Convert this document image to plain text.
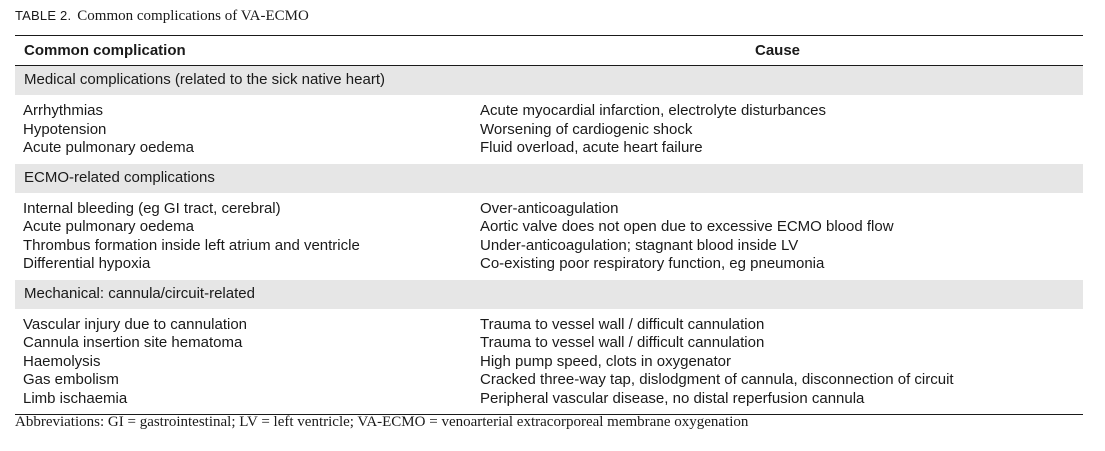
TABLE 2. Common complications of VA-ECMO
Common complication	Cause
Medical complications (related to the sick native heart)
Arrhythmias	Acute myocardial infarction, electrolyte disturbances
Hypotension	Worsening of cardiogenic shock
Acute pulmonary oedema	Fluid overload, acute heart failure
ECMO-related complications
Internal bleeding (eg GI tract, cerebral)	Over-anticoagulation
Acute pulmonary oedema	Aortic valve does not open due to excessive ECMO blood flow
Thrombus formation inside left atrium and ventricle	Under-anticoagulation; stagnant blood inside LV
Differential hypoxia	Co-existing poor respiratory function, eg pneumonia
Mechanical: cannula/circuit-related
Vascular injury due to cannulation	Trauma to vessel wall / difficult cannulation
Cannula insertion site hematoma	Trauma to vessel wall / difficult cannulation
Haemolysis	High pump speed, clots in oxygenator
Gas embolism	Cracked three-way tap, dislodgment of cannula, disconnection of circuit
Limb ischaemia	Peripheral vascular disease, no distal reperfusion cannula
Abbreviations: GI = gastrointestinal; LV = left ventricle; VA-ECMO = venoarterial extracorporeal membrane oxygenation
